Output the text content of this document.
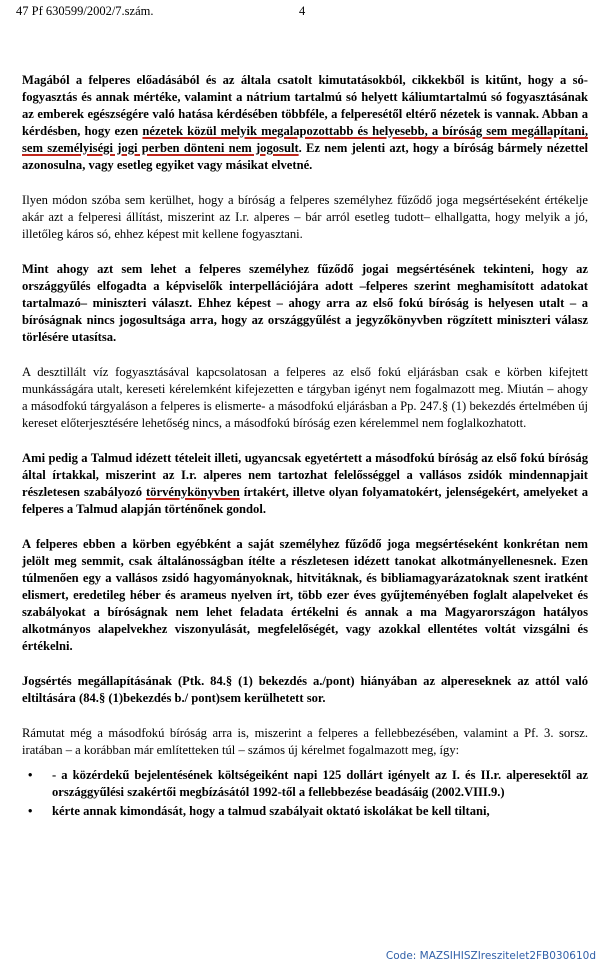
47 Pf 630599/2002/7.szám.	4

Magából a felperes előadásából és az általa csatolt kimutatásokból, cikkekből is kitűnt, hogy a só-fogyasztás és annak mértéke, valamint a nátrium tartalmú só helyett káliumtartalmú só fogyasztásának az emberek egészségére való hatása kérdésében többféle, a felperesétől eltérő nézetek is vannak. Abban a kérdésben, hogy ezen nézetek közül melyik megalapozottabb és helyesebb, a bíróság sem megállapítani, sem személyiségi jogi perben dönteni nem jogosult. Ez nem jelenti azt, hogy a bíróság bármely nézettel azonosulna, vagy esetleg egyiket vagy másikat elvetné.

Ilyen módon szóba sem kerülhet, hogy a bíróság a felperes személyhez fűződő joga megsértéseként értékelje akár azt a felperesi állítást, miszerint az I.r. alperes – bár arról esetleg tudott– elhallgatta, hogy melyik a jó, illetőleg káros só, ehhez képest mit kellene fogyasztani.

Mint ahogy azt sem lehet a felperes személyhez fűződő jogai megsértésének tekinteni, hogy az országgyűlés elfogadta a képviselők interpellációjára adott –felperes szerint meghamisított adatokat tartalmazó– miniszteri választ. Ehhez képest – ahogy arra az első fokú bíróság is helyesen utalt – a bíróságnak nincs jogosultsága arra, hogy az országgyűlést a jegyzőkönyvben rögzített miniszteri válasz törlésére utasítsa.

A desztillált víz fogyasztásával kapcsolatosan a felperes az első fokú eljárásban csak e körben kifejtett munkásságára utalt, kereseti kérelemként kifejezetten e tárgyban igényt nem fogalmazott meg. Miután – ahogy a másodfokú tárgyaláson a felperes is elismerte- a másodfokú eljárásban a Pp. 247.§ (1) bekezdés értelmében új kereset előterjesztésére lehetőség nincs, a másodfokú bíróság ezen kérelemmel nem foglalkozhatott.

Ami pedig a Talmud idézett tételeit illeti, ugyancsak egyetértett a másodfokú bíróság az első fokú bíróság által írtakkal, miszerint az I.r. alperes nem tartozhat felelősséggel a vallásos zsidók mindennapjait részletesen szabályozó törvénykönyvben írtakért, illetve olyan folyamatokért, jelenségekért, amelyeket a felperes a Talmud alapján történőnek gondol.

A felperes ebben a körben egyébként a saját személyhez fűződő joga megsértéseként konkrétan nem jelölt meg semmit, csak általánosságban ítélte a részletesen idézett tanokat alkotmányellenesnek. Ezen túlmenően egy a vallásos zsidó hagyományoknak, hitvitáknak, és bibliamagyarázatoknak szent iratként elismert, eredetileg héber és arameus nyelven írt, több ezer éves gyűjteményében foglalt alapelveket és szabályokat a bíróságnak nem lehet feladata értékelni és annak a ma Magyarországon hatályos alkotmányos alapelvekhez viszonyulását, megfelelőségét, vagy azokkal ellentétes voltát vizsgálni és értékelni.

Jogsértés megállapításának (Ptk. 84.§ (1) bekezdés a./pont) hiányában az alpereseknek az attól való eltiltására (84.§ (1)bekezdés b./ pont)sem kerülhetett sor.

Rámutat még a másodfokú bíróság arra is, miszerint a felperes a fellebbezésében, valamint a Pf. 3. sorsz. iratában – a korábban már említetteken túl – számos új kérelmet fogalmazott meg, így:

• - a közérdekű bejelentésének költségeiként napi 125 dollárt igényelt az I. és II.r. alperesektől az országgyűlési szakértői megbízásától 1992-től a fellebbezése beadásáig (2002.VIII.9.)
• kérte annak kimondását, hogy a talmud szabályait oktató iskolákat be kell tiltani,
Code: MAZSIHISZIreszitelet2FB030610d
